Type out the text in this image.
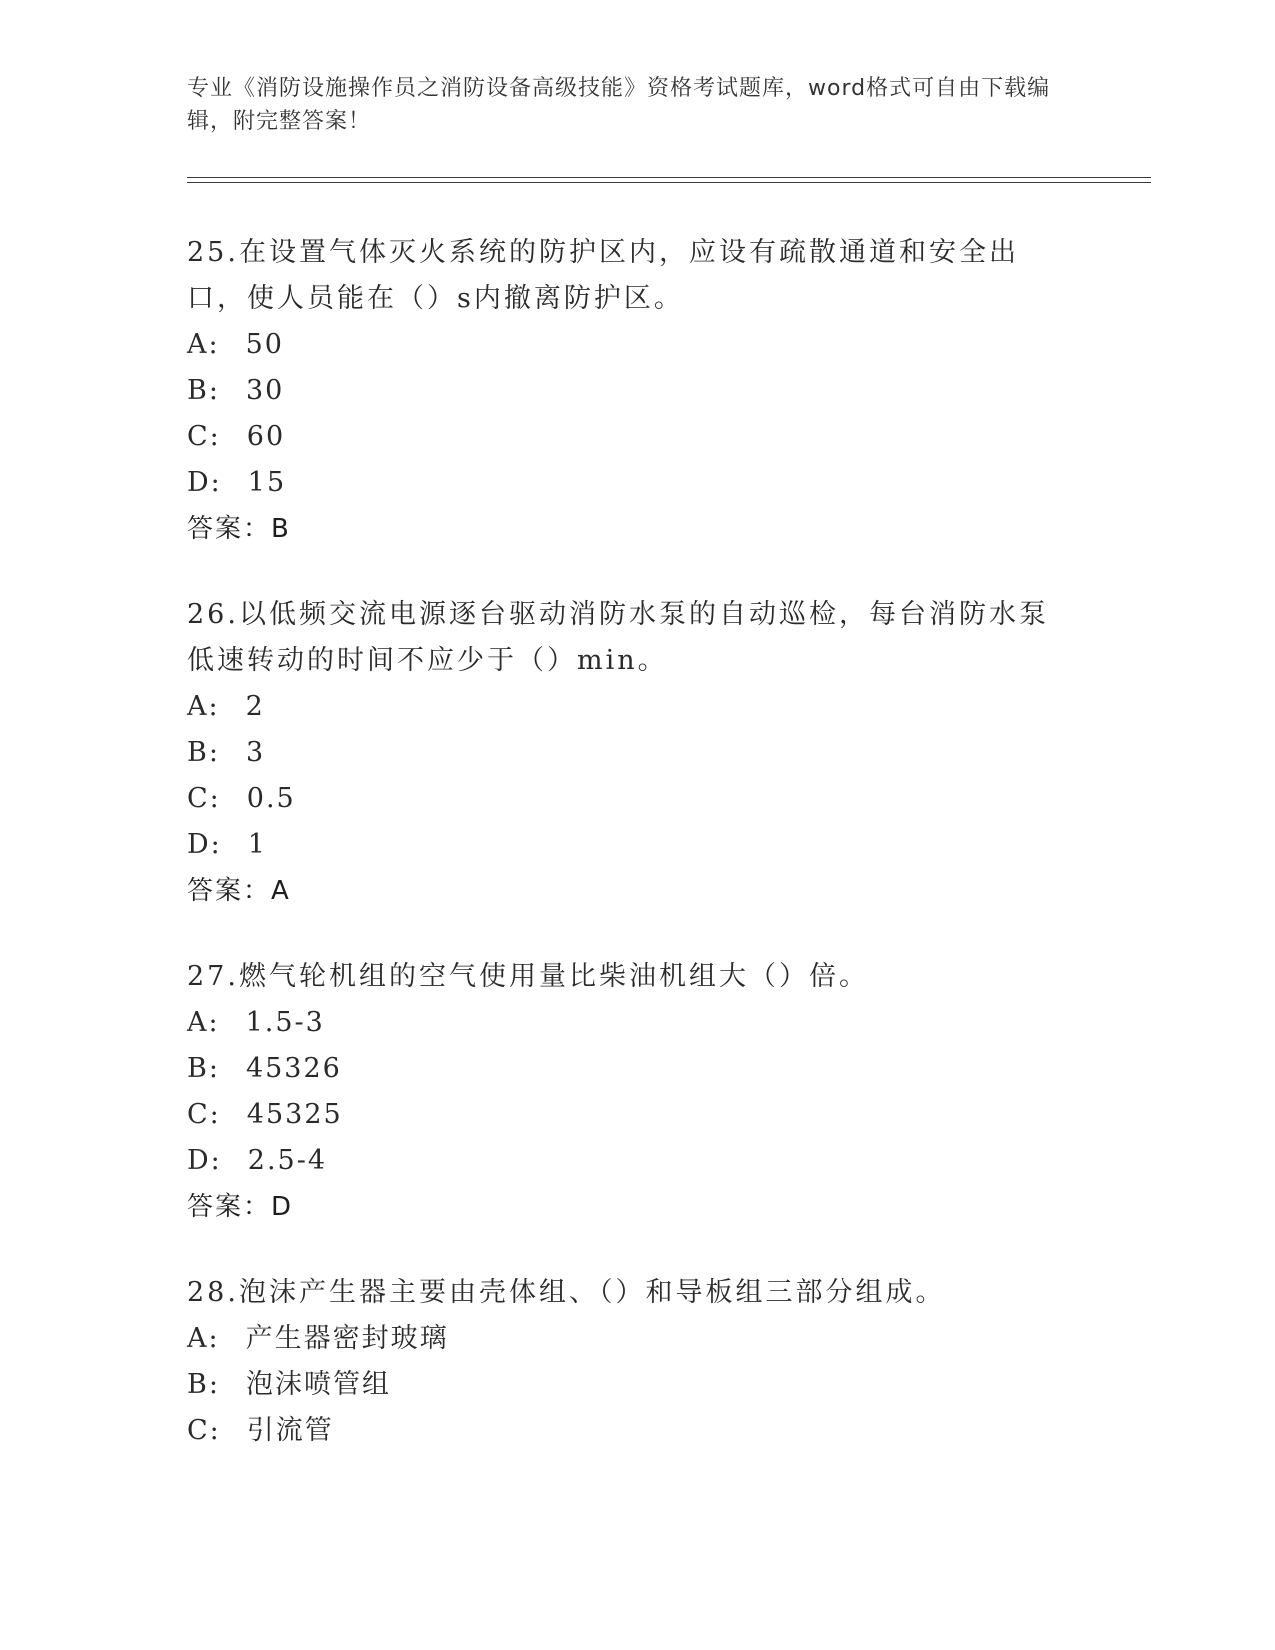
专业《消防设施操作员之消防设备高级技能》资格考试题库，word格式可自由下载编辑，附完整答案！
25.在设置气体灭火系统的防护区内，应设有疏散通道和安全出口，使人员能在（）s内撤离防护区。
A: 50
B: 30
C: 60
D: 15
答案：B
26.以低频交流电源逐台驱动消防水泵的自动巡检，每台消防水泵低速转动的时间不应少于（）min。
A: 2
B: 3
C: 0.5
D: 1
答案：A
27.燃气轮机组的空气使用量比柴油机组大（）倍。
A: 1.5-3
B: 45326
C: 45325
D: 2.5-4
答案：D
28.泡沫产生器主要由壳体组、（）和导板组三部分组成。
A: 产生器密封玻璃
B: 泡沫喷管组
C: 引流管
